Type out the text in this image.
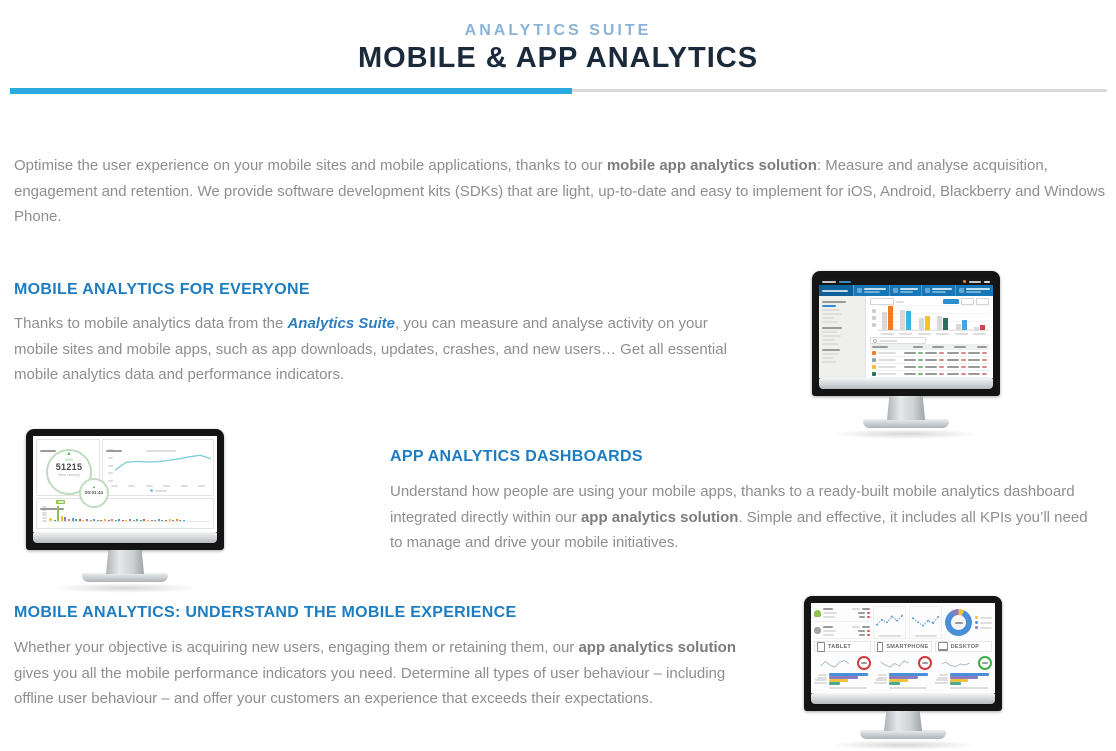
ANALYTICS SUITE
MOBILE & APP ANALYTICS

Optimise the user experience on your mobile sites and mobile applications, thanks to our mobile app analytics solution: Measure and analyse acquisition, engagement and retention. We provide software development kits (SDKs) that are light, up-to-date and easy to implement for iOS, Android, Blackberry and Windows Phone.

MOBILE ANALYTICS FOR EVERYONE

Thanks to mobile analytics data from the Analytics Suite, you can measure and analyse activity on your mobile sites and mobile apps, such as app downloads, updates, crashes, and new users… Get all essential mobile analytics data and performance indicators.

▲
85%
51215
New user(s)
▲
00:01:44
APP ANALYTICS DASHBOARDS

Understand how people are using your mobile apps, thanks to a ready-built mobile analytics dashboard integrated directly within our app analytics solution. Simple and effective, it includes all KPIs you’ll need to manage and drive your mobile initiatives.

MOBILE ANALYTICS: UNDERSTAND THE MOBILE EXPERIENCE

Whether your objective is acquiring new users, engaging them or retaining them, our app analytics solution gives you all the mobile performance indicators you need. Determine all types of user behaviour – including offline user behaviour – and offer your customers an experience that exceeds their expectations.

TABLET	SMARTPHONE	DESKTOP
